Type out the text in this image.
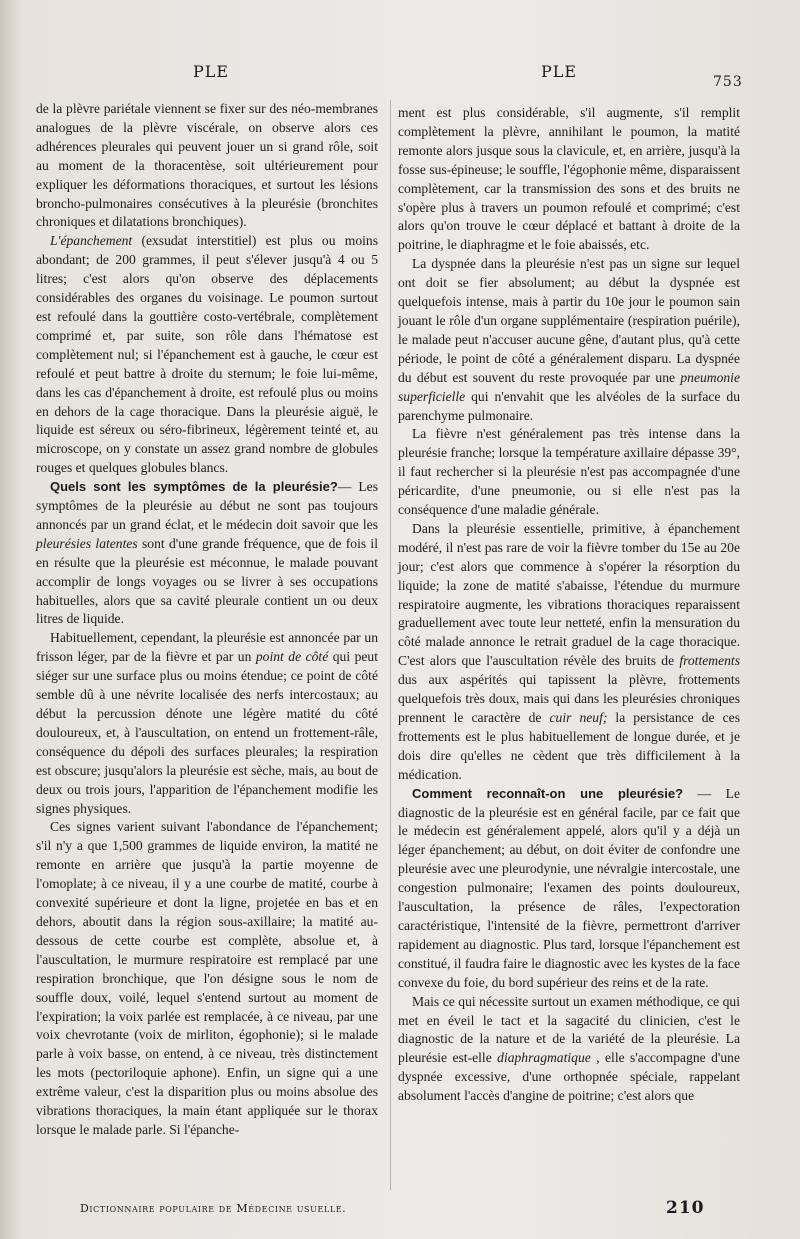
PLE	PLE
753

de la plèvre pariétale viennent se fixer sur des néo-membranes analogues de la plèvre viscérale, on observe alors ces adhérences pleurales qui peuvent jouer un si grand rôle, soit au moment de la thoracentèse, soit ultérieurement pour expliquer les déformations thoraciques, et surtout les lésions broncho-pulmonaires consécutives à la pleurésie (bronchites chroniques et dilatations bronchiques).

L'épanchement (exsudat interstitiel) est plus ou moins abondant; de 200 grammes, il peut s'élever jusqu'à 4 ou 5 litres; c'est alors qu'on observe des déplacements considérables des organes du voisinage. Le poumon surtout est refoulé dans la gouttière costo-vertébrale, complètement comprimé et, par suite, son rôle dans l'hématose est complètement nul; si l'épanchement est à gauche, le cœur est refoulé et peut battre à droite du sternum; le foie lui-même, dans les cas d'épanchement à droite, est refoulé plus ou moins en dehors de la cage thoracique. Dans la pleurésie aiguë, le liquide est séreux ou séro-fibrineux, légèrement teinté et, au microscope, on y constate un assez grand nombre de globules rouges et quelques globules blancs.

Quels sont les symptômes de la pleurésie?— Les symptômes de la pleurésie au début ne sont pas toujours annoncés par un grand éclat, et le médecin doit savoir que les pleurésies latentes sont d'une grande fréquence, que de fois il en résulte que la pleurésie est méconnue, le malade pouvant accomplir de longs voyages ou se livrer à ses occupations habituelles, alors que sa cavité pleurale contient un ou deux litres de liquide.

Habituellement, cependant, la pleurésie est annoncée par un frisson léger, par de la fièvre et par un point de côté qui peut siéger sur une surface plus ou moins étendue; ce point de côté semble dû à une névrite localisée des nerfs intercostaux; au début la percussion dénote une légère matité du côté douloureux, et, à l'auscultation, on entend un frottement-râle, conséquence du dépoli des surfaces pleurales; la respiration est obscure; jusqu'alors la pleurésie est sèche, mais, au bout de deux ou trois jours, l'apparition de l'épanchement modifie les signes physiques.

Ces signes varient suivant l'abondance de l'épanchement; s'il n'y a que 1,500 grammes de liquide environ, la matité ne remonte en arrière que jusqu'à la partie moyenne de l'omoplate; à ce niveau, il y a une courbe de matité, courbe à convexité supérieure et dont la ligne, projetée en bas et en dehors, aboutit dans la région sous-axillaire; la matité au-dessous de cette courbe est complète, absolue et, à l'auscultation, le murmure respiratoire est remplacé par une respiration bronchique, que l'on désigne sous le nom de souffle doux, voilé, lequel s'entend surtout au moment de l'expiration; la voix parlée est remplacée, à ce niveau, par une voix chevrotante (voix de mirliton, égophonie); si le malade parle à voix basse, on entend, à ce niveau, très distinctement les mots (pectoriloquie aphone). Enfin, un signe qui a une extrême valeur, c'est la disparition plus ou moins absolue des vibrations thoraciques, la main étant appliquée sur le thorax lorsque le malade parle. Si l'épanche-

ment est plus considérable, s'il augmente, s'il remplit complètement la plèvre, annihilant le poumon, la matité remonte alors jusque sous la clavicule, et, en arrière, jusqu'à la fosse sus-épineuse; le souffle, l'égophonie même, disparaissent complètement, car la transmission des sons et des bruits ne s'opère plus à travers un poumon refoulé et comprimé; c'est alors qu'on trouve le cœur déplacé et battant à droite de la poitrine, le diaphragme et le foie abaissés, etc.

La dyspnée dans la pleurésie n'est pas un signe sur lequel ont doit se fier absolument; au début la dyspnée est quelquefois intense, mais à partir du 10e jour le poumon sain jouant le rôle d'un organe supplémentaire (respiration puérile), le malade peut n'accuser aucune gêne, d'autant plus, qu'à cette période, le point de côté a généralement disparu. La dyspnée du début est souvent du reste provoquée par une pneumonie superficielle qui n'envahit que les alvéoles de la surface du parenchyme pulmonaire.

La fièvre n'est généralement pas très intense dans la pleurésie franche; lorsque la température axillaire dépasse 39°, il faut rechercher si la pleurésie n'est pas accompagnée d'une péricardite, d'une pneumonie, ou si elle n'est pas la conséquence d'une maladie générale.

Dans la pleurésie essentielle, primitive, à épanchement modéré, il n'est pas rare de voir la fièvre tomber du 15e au 20e jour; c'est alors que commence à s'opérer la résorption du liquide; la zone de matité s'abaisse, l'étendue du murmure respiratoire augmente, les vibrations thoraciques reparaissent graduellement avec toute leur netteté, enfin la mensuration du côté malade annonce le retrait graduel de la cage thoracique. C'est alors que l'auscultation révèle des bruits de frottements dus aux aspérités qui tapissent la plèvre, frottements quelquefois très doux, mais qui dans les pleurésies chroniques prennent le caractère de cuir neuf; la persistance de ces frottements est le plus habituellement de longue durée, et je dois dire qu'elles ne cèdent que très difficilement à la médication.

Comment reconnaît-on une pleurésie? — Le diagnostic de la pleurésie est en général facile, par ce fait que le médecin est généralement appelé, alors qu'il y a déjà un léger épanchement; au début, on doit éviter de confondre une pleurésie avec une pleurodynie, une névralgie intercostale, une congestion pulmonaire; l'examen des points douloureux, l'auscultation, la présence de râles, l'expectoration caractéristique, l'intensité de la fièvre, permettront d'arriver rapidement au diagnostic. Plus tard, lorsque l'épanchement est constitué, il faudra faire le diagnostic avec les kystes de la face convexe du foie, du bord supérieur des reins et de la rate.

Mais ce qui nécessite surtout un examen méthodique, ce qui met en éveil le tact et la sagacité du clinicien, c'est le diagnostic de la nature et de la variété de la pleurésie. La pleurésie est-elle diaphragmatique , elle s'accompagne d'une dyspnée excessive, d'une orthopnée spéciale, rappelant absolument l'accès d'angine de poitrine; c'est alors que

Dictionnaire populaire de Médecine usuelle.	210
